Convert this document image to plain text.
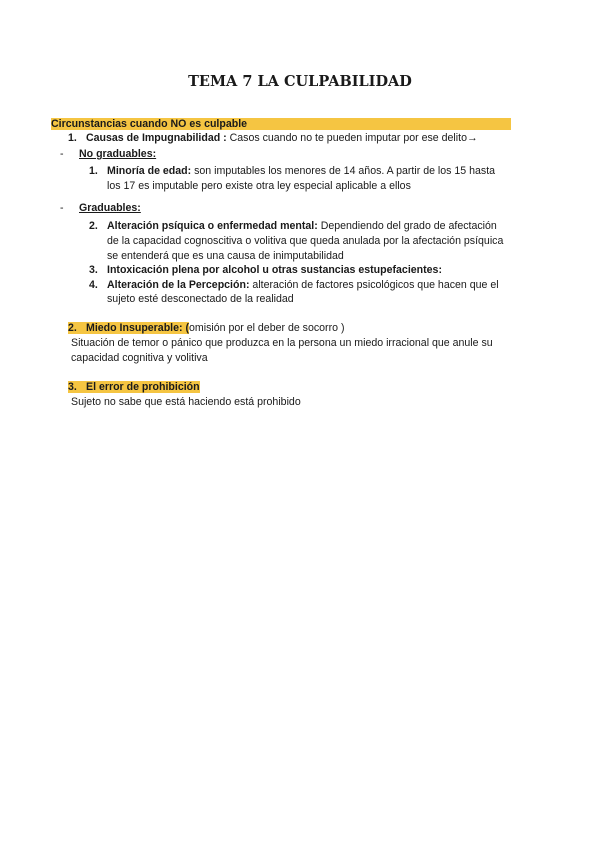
TEMA 7 LA CULPABILIDAD
Circunstancias cuando NO es culpable
1. Causas de Impugnabilidad : Casos cuando no te pueden imputar por ese delito→
- No graduables:
1. Minoría de edad: son imputables los menores de 14 años. A partir de los 15 hasta
los 17 es imputable pero existe otra ley especial aplicable a ellos
- Graduables:
2. Alteración psíquica o enfermedad mental: Dependiendo del grado de afectación
de la capacidad cognoscitiva o volitiva que queda anulada por la afectación psíquica
se entenderá que es una causa de inimputabilidad
3. Intoxicación plena por alcohol u otras sustancias estupefacientes:
4. Alteración de la Percepción: alteración de factores psicológicos que hacen que el
sujeto esté desconectado de la realidad
2. Miedo Insuperable: (omisión por el deber de socorro )
Situación de temor o pánico que produzca en la persona un miedo irracional que anule su
capacidad cognitiva y volitiva
3. El error de prohibición
Sujeto no sabe que está haciendo está prohibido
